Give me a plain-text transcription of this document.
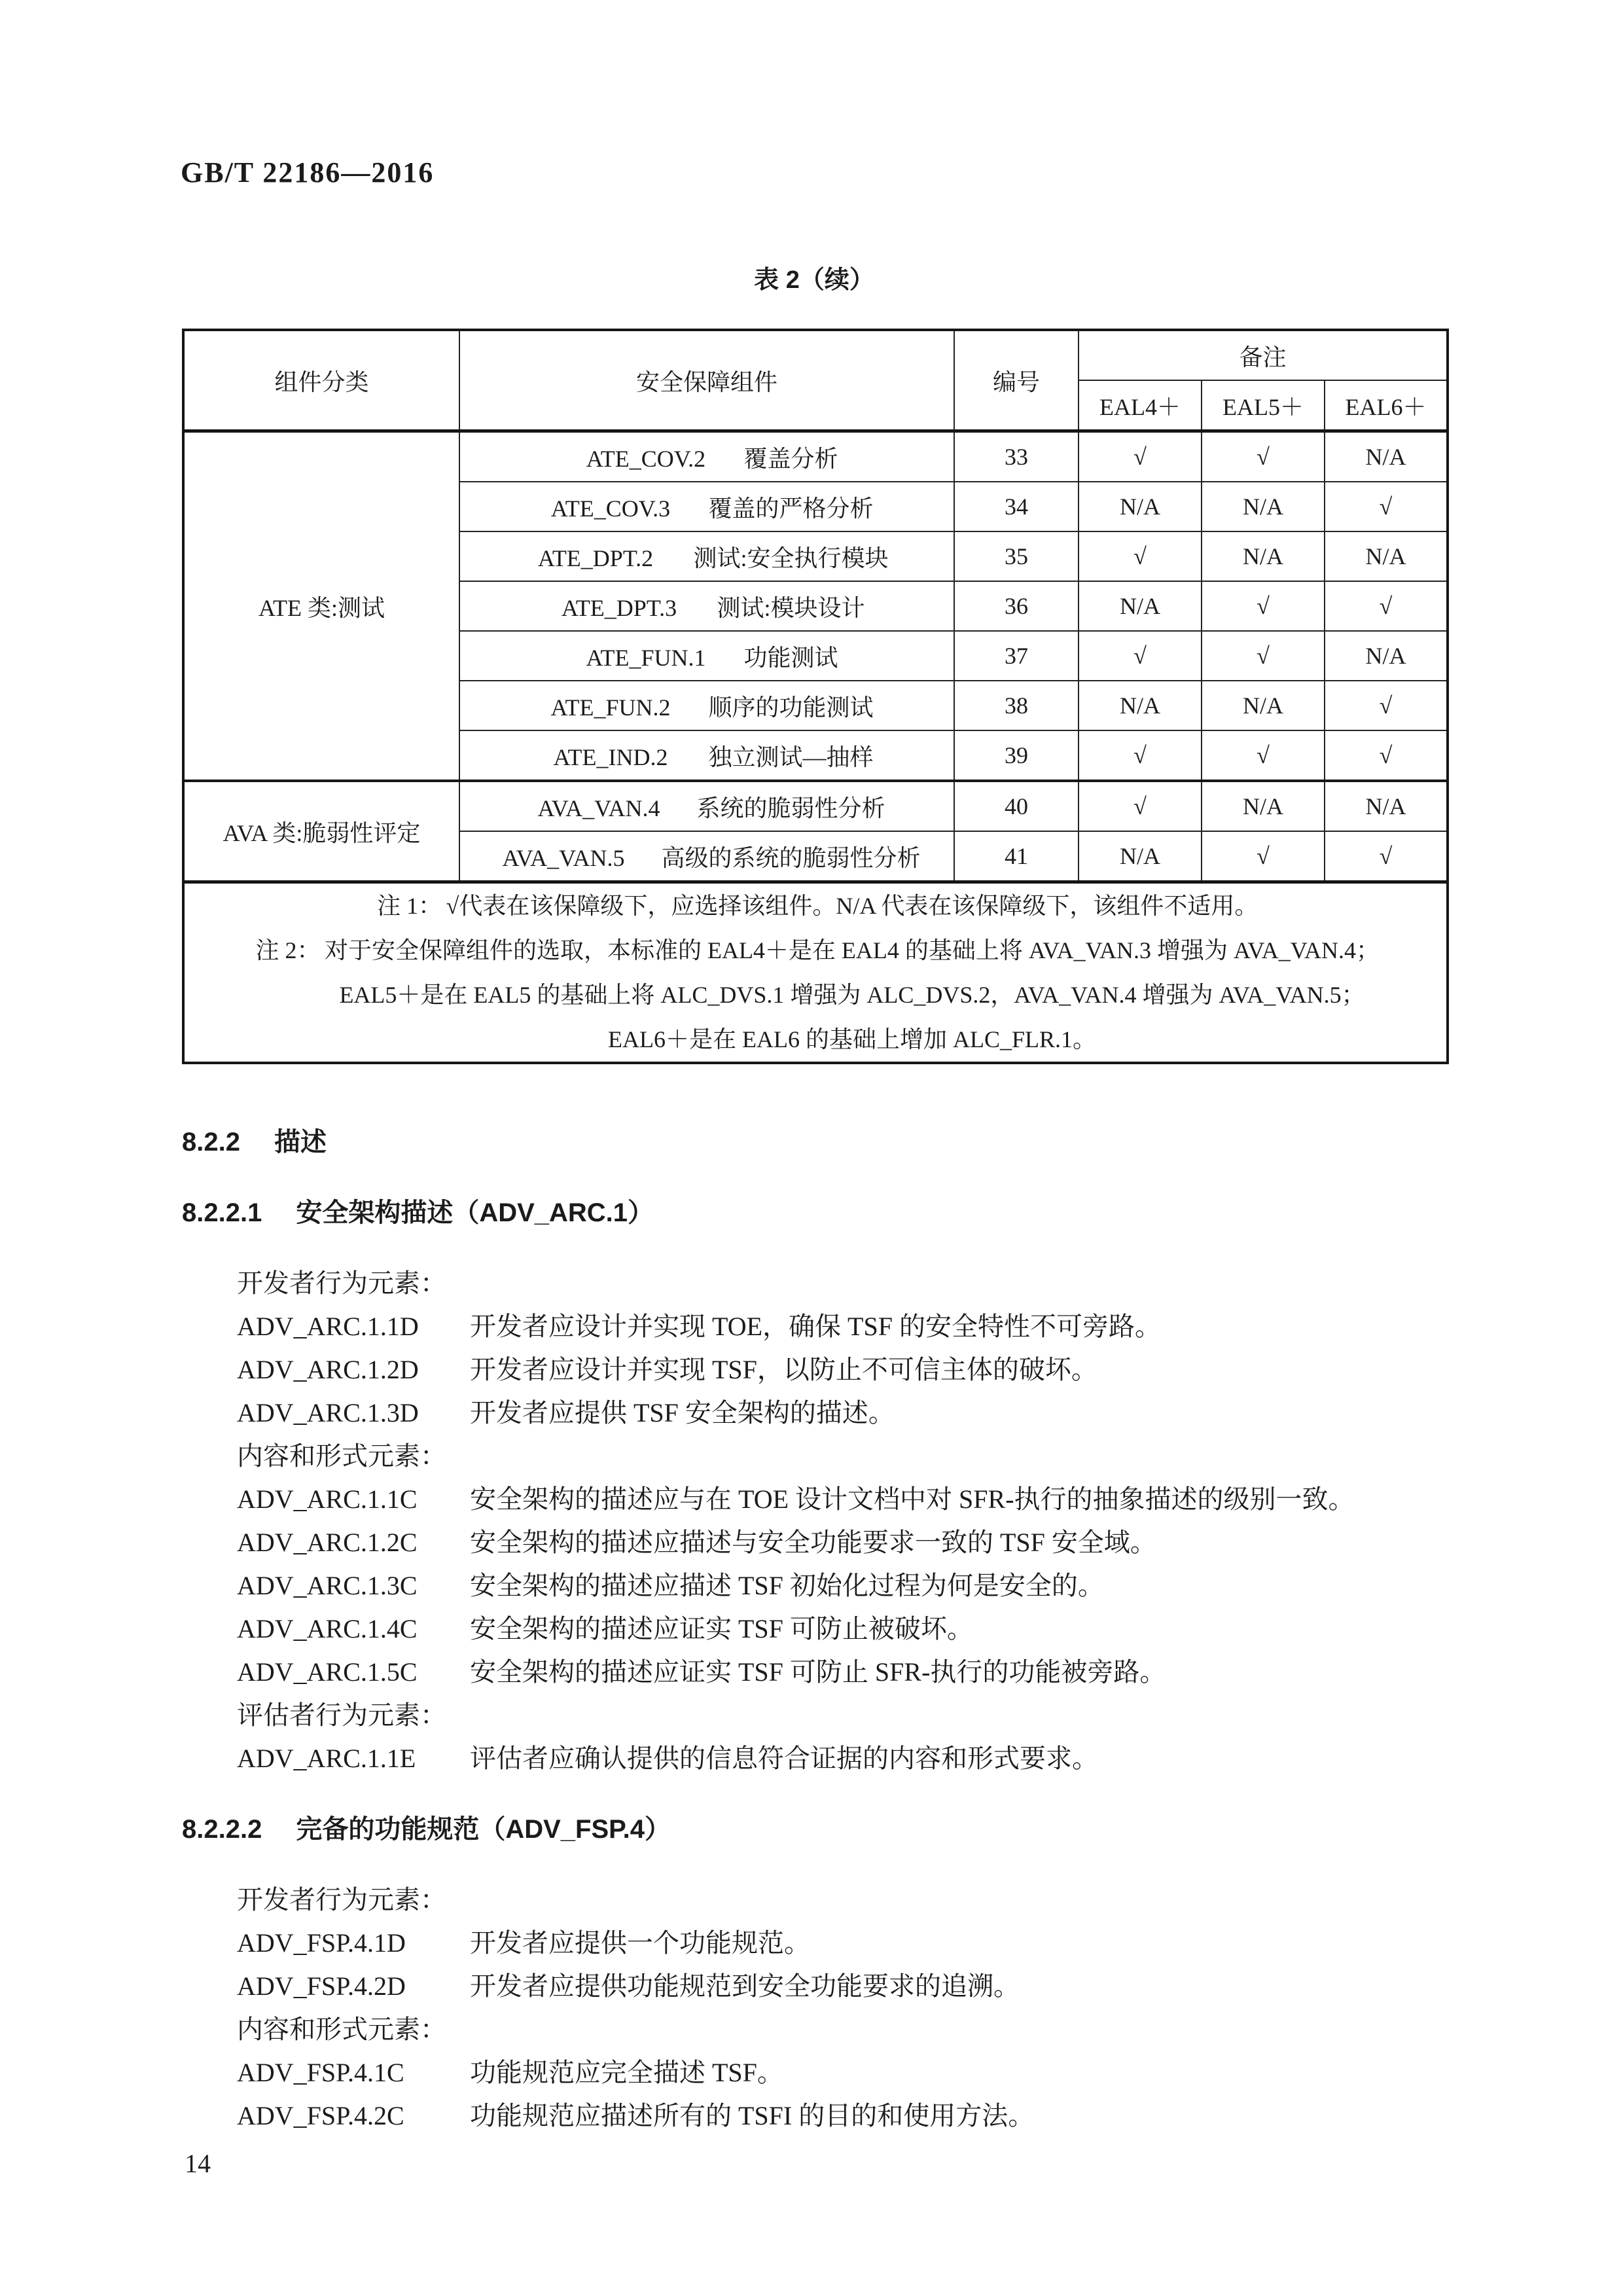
GB/T 22186—2016
表 2（续）
组件分类	安全保障组件	编号	备注		
			EAL4＋	EAL5＋	EAL6＋
ATE 类:测试	ATE_COV.2 覆盖分析	33	√	√	N/A
	ATE_COV.3 覆盖的严格分析	34	N/A	N/A	√
	ATE_DPT.2 测试:安全执行模块	35	√	N/A	N/A
	ATE_DPT.3 测试:模块设计	36	N/A	√	√
	ATE_FUN.1 功能测试	37	√	√	N/A
	ATE_FUN.2 顺序的功能测试	38	N/A	N/A	√
	ATE_IND.2 独立测试—抽样	39	√	√	√
AVA 类:脆弱性评定	AVA_VAN.4 系统的脆弱性分析	40	√	N/A	N/A
	AVA_VAN.5 高级的系统的脆弱性分析	41	N/A	√	√

注 1： √代表在该保障级下，应选择该组件。N/A 代表在该保障级下，该组件不适用。
注 2： 对于安全保障组件的选取，本标准的 EAL4＋是在 EAL4 的基础上将 AVA_VAN.3 增强为 AVA_VAN.4；
EAL5＋是在 EAL5 的基础上将 ALC_DVS.1 增强为 ALC_DVS.2，AVA_VAN.4 增强为 AVA_VAN.5；
EAL6＋是在 EAL6 的基础上增加 ALC_FLR.1。					
8.2.2 描述
8.2.2.1 安全架构描述（ADV_ARC.1）
开发者行为元素：
ADV_ARC.1.1D 开发者应设计并实现 TOE，确保 TSF 的安全特性不可旁路。
ADV_ARC.1.2D 开发者应设计并实现 TSF，以防止不可信主体的破坏。
ADV_ARC.1.3D 开发者应提供 TSF 安全架构的描述。
内容和形式元素：
ADV_ARC.1.1C 安全架构的描述应与在 TOE 设计文档中对 SFR-执行的抽象描述的级别一致。
ADV_ARC.1.2C 安全架构的描述应描述与安全功能要求一致的 TSF 安全域。
ADV_ARC.1.3C 安全架构的描述应描述 TSF 初始化过程为何是安全的。
ADV_ARC.1.4C 安全架构的描述应证实 TSF 可防止被破坏。
ADV_ARC.1.5C 安全架构的描述应证实 TSF 可防止 SFR-执行的功能被旁路。
评估者行为元素：
ADV_ARC.1.1E 评估者应确认提供的信息符合证据的内容和形式要求。
8.2.2.2 完备的功能规范（ADV_FSP.4）
开发者行为元素：
ADV_FSP.4.1D 开发者应提供一个功能规范。
ADV_FSP.4.2D 开发者应提供功能规范到安全功能要求的追溯。
内容和形式元素：
ADV_FSP.4.1C	功能规范应完全描述 TSF。
ADV_FSP.4.2C	功能规范应描述所有的 TSFI 的目的和使用方法。
14
